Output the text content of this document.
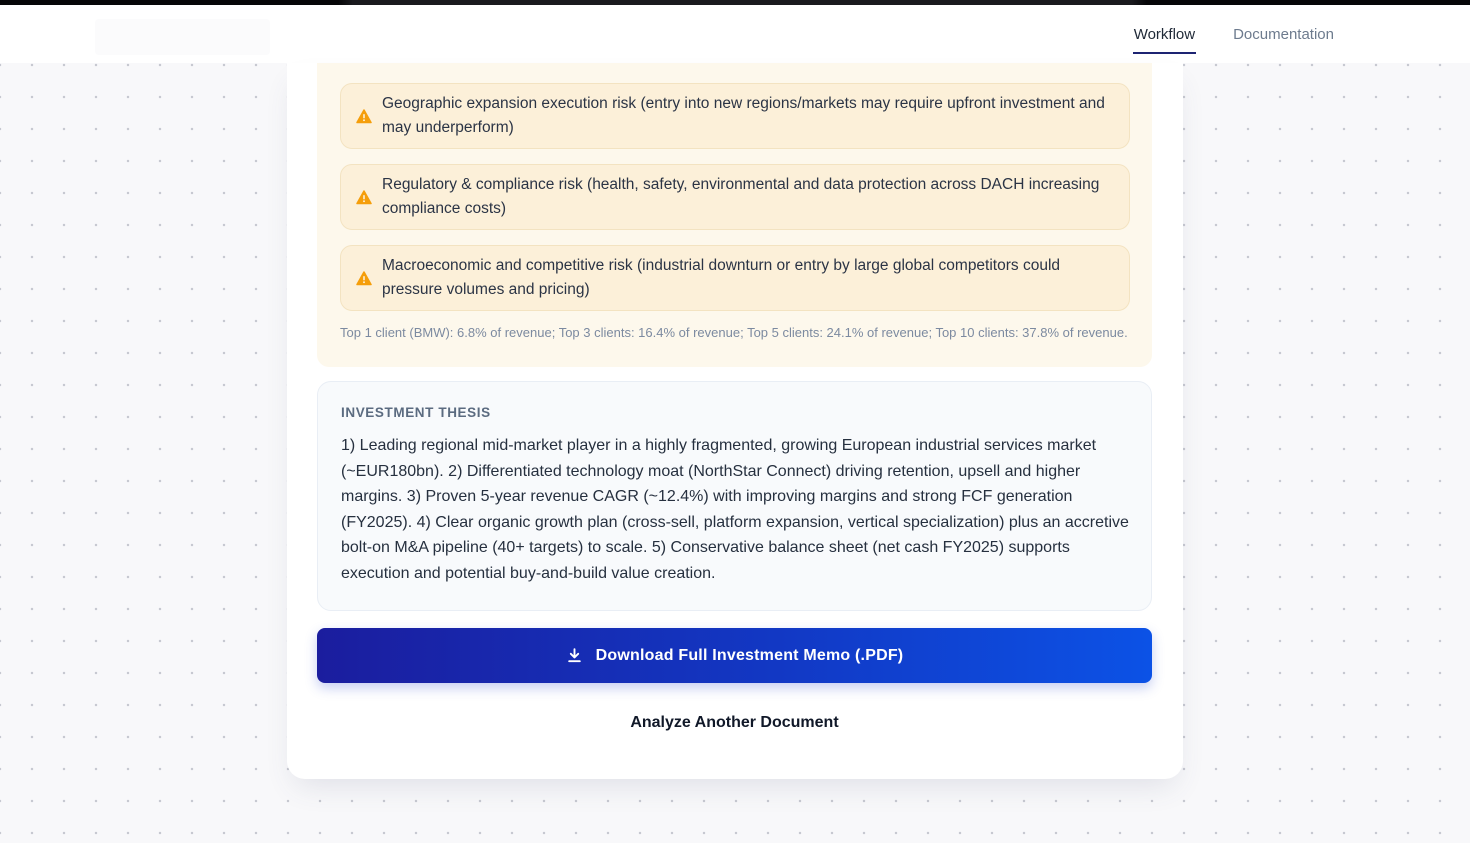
Workflow	Documentation
Geographic expansion execution risk (entry into new regions/markets may require upfront investment and may underperform)
Regulatory & compliance risk (health, safety, environmental and data protection across DACH increasing compliance costs)
Macroeconomic and competitive risk (industrial downturn or entry by large global competitors could pressure volumes and pricing)
Top 1 client (BMW): 6.8% of revenue; Top 3 clients: 16.4% of revenue; Top 5 clients: 24.1% of revenue; Top 10 clients: 37.8% of revenue.
INVESTMENT THESIS
1) Leading regional mid-market player in a highly fragmented, growing European industrial services market (~EUR180bn). 2) Differentiated technology moat (NorthStar Connect) driving retention, upsell and higher margins. 3) Proven 5-year revenue CAGR (~12.4%) with improving margins and strong FCF generation (FY2025). 4) Clear organic growth plan (cross-sell, platform expansion, vertical specialization) plus an accretive bolt-on M&A pipeline (40+ targets) to scale. 5) Conservative balance sheet (net cash FY2025) supports execution and potential buy-and-build value creation.
Download Full Investment Memo (.PDF)
Analyze Another Document
